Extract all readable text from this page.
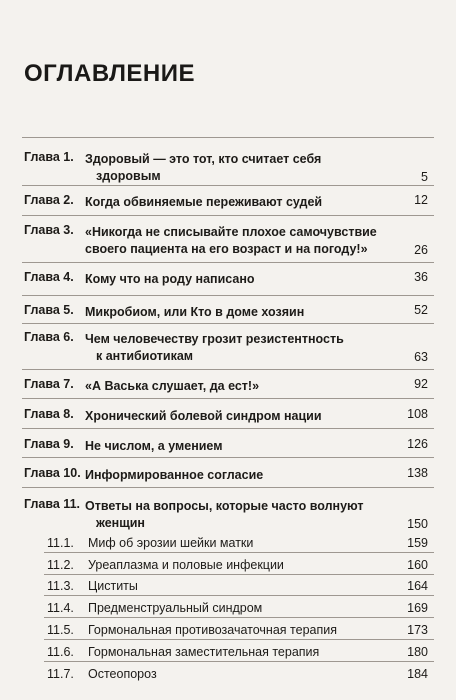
ОГЛАВЛЕНИЕ
Глава 1. Здоровый — это тот, кто считает себя
здоровым	5
Глава 2. Когда обвиняемые переживают судей	12
Глава 3. «Никогда не списывайте плохое самочувствие
своего пациента на его возраст и на погоду!»	26
Глава 4. Кому что на роду написано	36
Глава 5. Микробиом, или Кто в доме хозяин	52
Глава 6. Чем человечеству грозит резистентность
к антибиотикам	63
Глава 7. «А Васька слушает, да ест!»	92
Глава 8. Хронический болевой синдром нации	108
Глава 9. Не числом, а умением	126
Глава 10. Информированное согласие	138
Глава 11. Ответы на вопросы, которые часто волнуют
женщин	150
11.1. Миф об эрозии шейки матки	159
11.2. Уреаплазма и половые инфекции	160
11.3. Циститы	164
11.4. Предменструальный синдром	169
11.5. Гормональная противозачаточная терапия	173
11.6. Гормональная заместительная терапия	180
11.7. Остеопороз	184
